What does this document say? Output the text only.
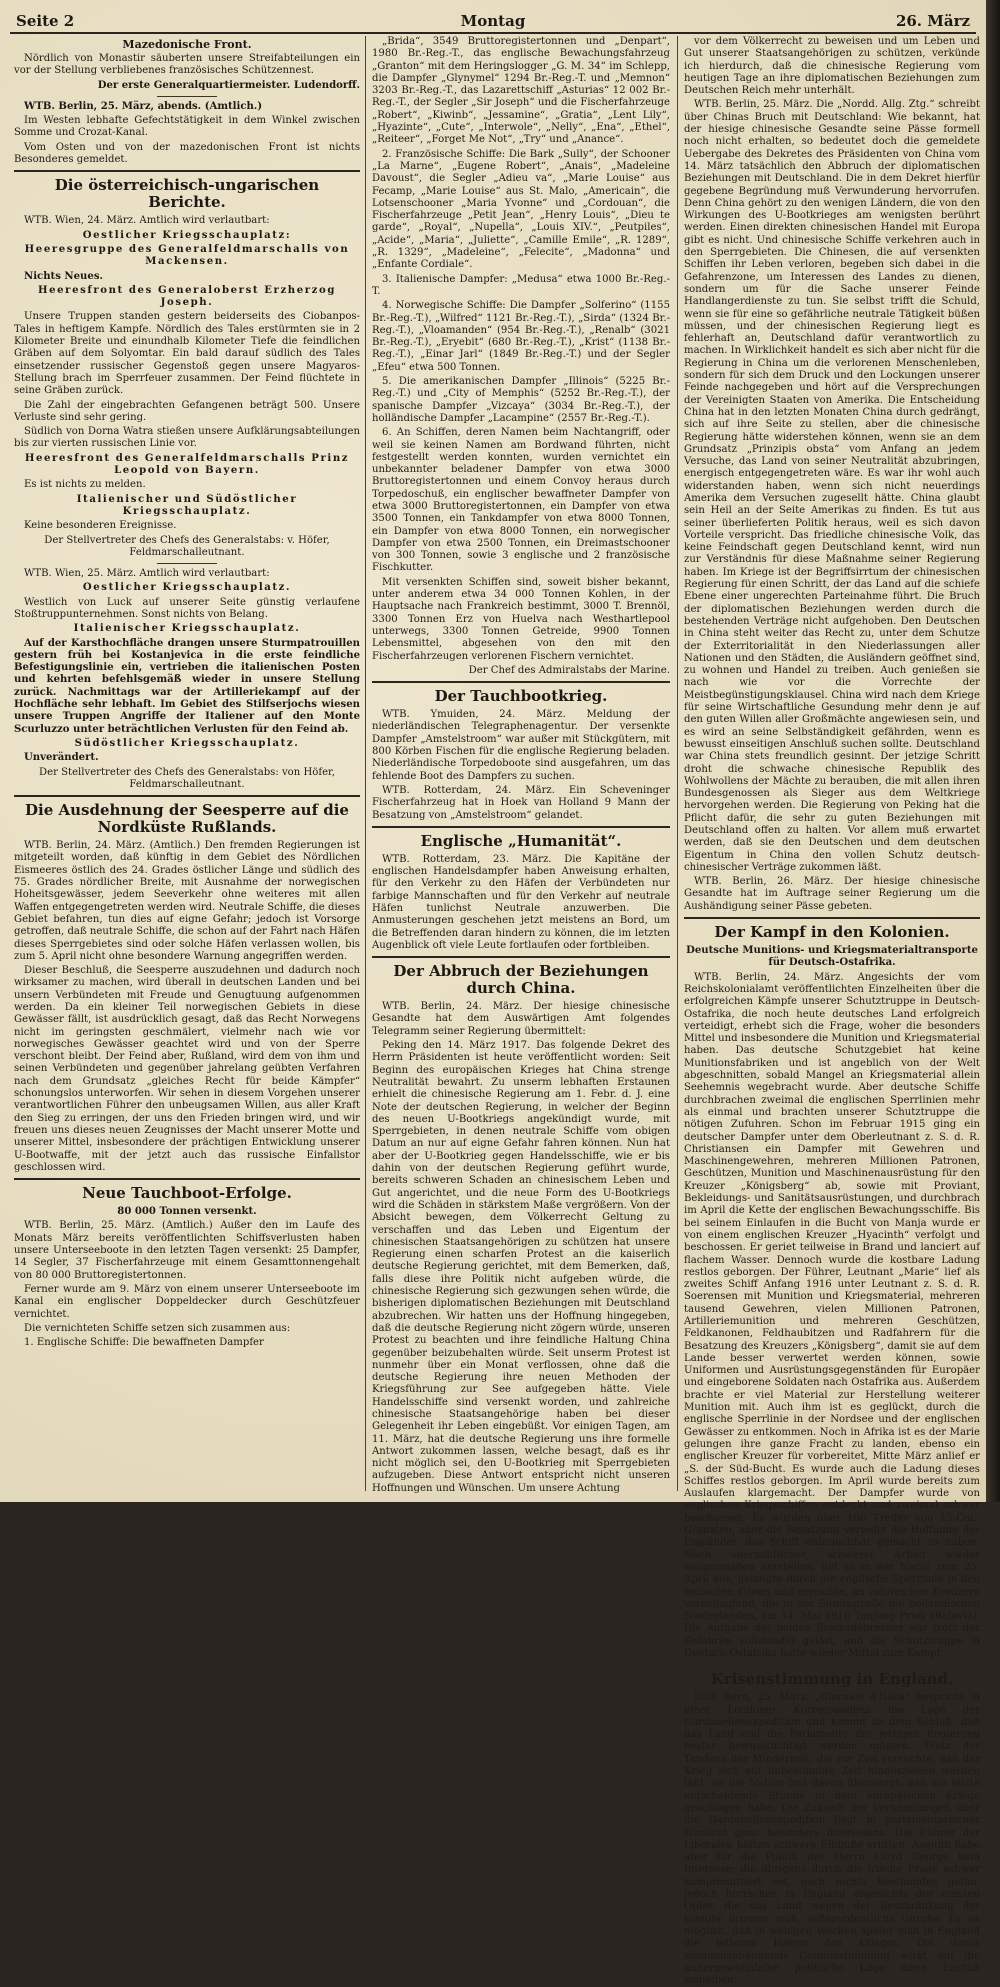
Seite 2	Montag	26. März
Mazedonische Front.

Nördlich von Monastir säuberten unsere Streifabteilungen ein vor der Stellung verbliebenes französisches Schützennest.

Der erste Generalquartiermeister. Ludendorff.

WTB. Berlin, 25. März, abends. (Amtlich.)

Im Westen lebhafte Gefechtstätigkeit in dem Winkel zwischen Somme und Crozat-Kanal.

Vom Osten und von der mazedonischen Front ist nichts Besonderes gemeldet.

Die österreichisch-ungarischen Berichte.

WTB. Wien, 24. März. Amtlich wird verlautbart:

Oestlicher Kriegsschauplatz:

Heeresgruppe des Generalfeldmarschalls von Mackensen.

Nichts Neues.

Heeresfront des Generaloberst Erzherzog Joseph.

Unsere Truppen standen gestern beiderseits des Ciobanpos-Tales in heftigem Kampfe. Nördlich des Tales erstürmten sie in 2 Kilometer Breite und einundhalb Kilometer Tiefe die feindlichen Gräben auf dem Solyomtar. Ein bald darauf südlich des Tales einsetzender russischer Gegenstoß gegen unsere Magyaros-Stellung brach im Sperrfeuer zusammen. Der Feind flüchtete in seine Gräben zurück.

Die Zahl der eingebrachten Gefangenen beträgt 500. Unsere Verluste sind sehr gering.

Südlich von Dorna Watra stießen unsere Aufklärungsabteilungen bis zur vierten russischen Linie vor.

Heeresfront des Generalfeldmarschalls Prinz Leopold von Bayern.

Es ist nichts zu melden.

Italienischer und Südöstlicher Kriegsschauplatz.

Keine besonderen Ereignisse.

Der Stellvertreter des Chefs des Generalstabs: v. Höfer, Feldmarschalleutnant.

WTB. Wien, 25. März. Amtlich wird verlautbart:

Oestlicher Kriegsschauplatz.

Westlich von Luck auf unserer Seite günstig verlaufene Stoßtruppunternehmen. Sonst nichts von Belang.

Italienischer Kriegsschauplatz.

Auf der Karsthochfläche drangen unsere Sturmpatrouillen gestern früh bei Kostanjevica in die erste feindliche Befestigungslinie ein, vertrieben die italienischen Posten und kehrten befehlsgemäß wieder in unsere Stellung zurück. Nachmittags war der Artilleriekampf auf der Hochfläche sehr lebhaft. Im Gebiet des Stilfserjochs wiesen unsere Truppen Angriffe der Italiener auf den Monte Scurluzzo unter beträchtlichen Verlusten für den Feind ab.

Südöstlicher Kriegsschauplatz.

Unverändert.

Der Stellvertreter des Chefs des Generalstabs: von Höfer, Feldmarschalleutnant.

Die Ausdehnung der Seesperre auf die Nordküste Rußlands.

WTB. Berlin, 24. März. (Amtlich.) Den fremden Regierungen ist mitgeteilt worden, daß künftig in dem Gebiet des Nördlichen Eismeeres östlich des 24. Grades östlicher Länge und südlich des 75. Grades nördlicher Breite, mit Ausnahme der norwegischen Hoheitsgewässer, jedem Seeverkehr ohne weiteres mit allen Waffen entgegengetreten werden wird. Neutrale Schiffe, die dieses Gebiet befahren, tun dies auf eigne Gefahr; jedoch ist Vorsorge getroffen, daß neutrale Schiffe, die schon auf der Fahrt nach Häfen dieses Sperrgebietes sind oder solche Häfen verlassen wollen, bis zum 5. April nicht ohne besondere Warnung angegriffen werden.

Dieser Beschluß, die Seesperre auszudehnen und dadurch noch wirksamer zu machen, wird überall in deutschen Landen und bei unsern Verbündeten mit Freude und Genugtuung aufgenommen werden. Da ein kleiner Teil norwegischen Gebiets in diese Gewässer fällt, ist ausdrücklich gesagt, daß das Recht Norwegens nicht im geringsten geschmälert, vielmehr nach wie vor norwegisches Gewässer geachtet wird und von der Sperre verschont bleibt. Der Feind aber, Rußland, wird dem von ihm und seinen Verbündeten und gegenüber jahrelang geübten Verfahren nach dem Grundsatz „gleiches Recht für beide Kämpfer“ schonungslos unterworfen. Wir sehen in diesem Vorgehen unserer verantwortlichen Führer den unbeugsamen Willen, aus aller Kraft den Sieg zu erringen, der uns den Frieden bringen wird, und wir freuen uns dieses neuen Zeugnisses der Macht unserer Motte und unserer Mittel, insbesondere der prächtigen Entwicklung unserer U-Bootwaffe, mit der jetzt auch das russische Einfallstor geschlossen wird.

Neue Tauchboot-Erfolge.

80 000 Tonnen versenkt.

WTB. Berlin, 25. März. (Amtlich.) Außer den im Laufe des Monats März bereits veröffentlichten Schiffsverlusten haben unsere Unterseeboote in den letzten Tagen versenkt: 25 Dampfer, 14 Segler, 37 Fischerfahrzeuge mit einem Gesamttonnengehalt von 80 000 Bruttoregistertonnen.

Ferner wurde am 9. März von einem unserer Unterseeboote im Kanal ein englischer Doppeldecker durch Geschützfeuer vernichtet.

Die vernichteten Schiffe setzen sich zusammen aus:

1. Englische Schiffe: Die bewaffneten Dampfer

„Brida“, 3549 Bruttoregistertonnen und „Denpart“, 1980 Br.-Reg.-T., das englische Bewachungsfahrzeug „Granton“ mit dem Heringslogger „G. M. 34“ im Schlepp, die Dampfer „Glynymel“ 1294 Br.-Reg.-T. und „Memnon“ 3203 Br.-Reg.-T., das Lazarettschiff „Asturias“ 12 002 Br.-Reg.-T., der Segler „Sir Joseph“ und die Fischerfahrzeuge „Robert“, „Kiwinb“, „Jessamine“, „Gratia“, „Lent Lily“, „Hyazinte“, „Cute“, „Interwole“, „Nelly“, „Ena“, „Ethel“, „Reiteer“, „Forget Me Not“, „Try“ und „Anance“.

2. Französische Schiffe: Die Bark „Sully“, der Schooner „La Marne“, „Eugene Robert“, „Anais“, „Madeleine Davoust“, die Segler „Adieu va“, „Marie Louise“ aus Fecamp, „Marie Louise“ aus St. Malo, „Americain“, die Lotsenschooner „Maria Yvonne“ und „Cordouan“, die Fischerfahrzeuge „Petit Jean“, „Henry Louis“, „Dieu te garde“, „Royal“, „Nupella“, „Louis XIV.“, „Peutpiles“, „Acide“, „Maria“, „Juliette“, „Camille Emile“, „R. 1289“, „R. 1329“, „Madeleine“, „Felecite“, „Madonna“ und „Enfante Cordiale“.

3. Italienische Dampfer: „Medusa“ etwa 1000 Br.-Reg.-T.

4. Norwegische Schiffe: Die Dampfer „Solferino“ (1155 Br.-Reg.-T.), „Wilfred“ 1121 Br.-Reg.-T.), „Sirda“ (1324 Br.-Reg.-T.), „Vloamanden“ (954 Br.-Reg.-T.), „Renalb“ (3021 Br.-Reg.-T.), „Eryebit“ (680 Br.-Reg.-T.), „Krist“ (1138 Br.-Reg.-T.), „Einar Jarl“ (1849 Br.-Reg.-T.) und der Segler „Efeu“ etwa 500 Tonnen.

5. Die amerikanischen Dampfer „Illinois“ (5225 Br.-Reg.-T.) und „City of Memphis“ (5252 Br.-Reg.-T.), der spanische Dampfer „Vizcaya“ (3034 Br.-Reg.-T.), der holländische Dampfer „Lacampine“ (2557 Br.-Reg.-T.).

6. An Schiffen, deren Namen beim Nachtangriff, oder weil sie keinen Namen am Bordwand führten, nicht festgestellt werden konnten, wurden vernichtet ein unbekannter beladener Dampfer von etwa 3000 Bruttoregistertonnen und einem Convoy heraus durch Torpedoschuß, ein englischer bewaffneter Dampfer von etwa 3000 Bruttoregistertonnen, ein Dampfer von etwa 3500 Tonnen, ein Tankdampfer von etwa 8000 Tonnen, ein Dampfer von etwa 8000 Tonnen, ein norwegischer Dampfer von etwa 2500 Tonnen, ein Dreimastschooner von 300 Tonnen, sowie 3 englische und 2 französische Fischkutter.

Mit versenkten Schiffen sind, soweit bisher bekannt, unter anderem etwa 34 000 Tonnen Kohlen, in der Hauptsache nach Frankreich bestimmt, 3000 T. Brennöl, 3300 Tonnen Erz von Huelva nach Westhartlepool unterwegs, 3300 Tonnen Getreide, 9900 Tonnen Lebensmittel, abgesehen von den mit den Fischerfahrzeugen verlorenen Fischern vernichtet.

Der Chef des Admiralstabs der Marine.

Der Tauchbootkrieg.

WTB. Ymuiden, 24. März. Meldung der niederländischen Telegraphenagentur. Der versenkte Dampfer „Amstelstroom“ war außer mit Stückgütern, mit 800 Körben Fischen für die englische Regierung beladen. Niederländische Torpedoboote sind ausgefahren, um das fehlende Boot des Dampfers zu suchen.

WTB. Rotterdam, 24. März. Ein Scheveninger Fischerfahrzeug hat in Hoek van Holland 9 Mann der Besatzung von „Amstelstroom“ gelandet.

Englische „Humanität“.

WTB. Rotterdam, 23. März. Die Kapitäne der englischen Handelsdampfer haben Anweisung erhalten, für den Verkehr zu den Häfen der Verbündeten nur farbige Mannschaften und für den Verkehr auf neutrale Häfen tunlichst Neutrale anzuwerben. Die Anmusterungen geschehen jetzt meistens an Bord, um die Betreffenden daran hindern zu können, die im letzten Augenblick oft viele Leute fortlaufen oder fortbleiben.

Der Abbruch der Beziehungen durch China.

WTB. Berlin, 24. März. Der hiesige chinesische Gesandte hat dem Auswärtigen Amt folgendes Telegramm seiner Regierung übermittelt:

Peking den 14. März 1917. Das folgende Dekret des Herrn Präsidenten ist heute veröffentlicht worden: Seit Beginn des europäischen Krieges hat China strenge Neutralität bewahrt. Zu unserm lebhaften Erstaunen erhielt die chinesische Regierung am 1. Febr. d. J. eine Note der deutschen Regierung, in welcher der Beginn des neuen U-Bootkriegs angekündigt wurde, mit Sperrgebieten, in denen neutrale Schiffe vom obigen Datum an nur auf eigne Gefahr fahren können. Nun hat aber der U-Bootkrieg gegen Handelsschiffe, wie er bis dahin von der deutschen Regierung geführt wurde, bereits schweren Schaden an chinesischem Leben und Gut angerichtet, und die neue Form des U-Bootkriegs wird die Schäden in stärkstem Maße vergrößern. Von der Absicht bewegen, dem Völkerrecht Geltung zu verschaffen und das Leben und Eigentum der chinesischen Staatsangehörigen zu schützen hat unsere Regierung einen scharfen Protest an die kaiserlich deutsche Regierung gerichtet, mit dem Bemerken, daß, falls diese ihre Politik nicht aufgeben würde, die chinesische Regierung sich gezwungen sehen würde, die bisherigen diplomatischen Beziehungen mit Deutschland abzubrechen. Wir hatten uns der Hoffnung hingegeben, daß die deutsche Regierung nicht zögern würde, unseren Protest zu beachten und ihre feindliche Haltung China gegenüber beizubehalten würde. Seit unserm Protest ist nunmehr über ein Monat verflossen, ohne daß die deutsche Regierung ihre neuen Methoden der Kriegsführung zur See aufgegeben hätte. Viele Handelsschiffe sind versenkt worden, und zahlreiche chinesische Staatsangehörige haben bei dieser Gelegenheit ihr Leben eingebüßt. Vor einigen Tagen, am 11. März, hat die deutsche Regierung uns ihre formelle Antwort zukommen lassen, welche besagt, daß es ihr nicht möglich sei, den U-Bootkrieg mit Sperrgebieten aufzugeben. Diese Antwort entspricht nicht unseren Hoffnungen und Wünschen. Um unsere Achtung

vor dem Völkerrecht zu beweisen und um Leben und Gut unserer Staatsangehörigen zu schützen, verkünde ich hierdurch, daß die chinesische Regierung vom heutigen Tage an ihre diplomatischen Beziehungen zum Deutschen Reich mehr unterhält.

WTB. Berlin, 25. März. Die „Nordd. Allg. Ztg.“ schreibt über Chinas Bruch mit Deutschland: Wie bekannt, hat der hiesige chinesische Gesandte seine Pässe formell noch nicht erhalten, so bedeutet doch die gemeldete Uebergabe des Dekretes des Präsidenten von China vom 14. März tatsächlich den Abbruch der diplomatischen Beziehungen mit Deutschland. Die in dem Dekret hierfür gegebene Begründung muß Verwunderung hervorrufen. Denn China gehört zu den wenigen Ländern, die von den Wirkungen des U-Bootkrieges am wenigsten berührt werden. Einen direkten chinesischen Handel mit Europa gibt es nicht. Und chinesische Schiffe verkehren auch in den Sperrgebieten. Die Chinesen, die auf versenkten Schiffen ihr Leben verloren, begeben sich dabei in die Gefahrenzone, um Interessen des Landes zu dienen, sondern um für die Sache unserer Feinde Handlangerdienste zu tun. Sie selbst trifft die Schuld, wenn sie für eine so gefährliche neutrale Tätigkeit büßen müssen, und der chinesischen Regierung liegt es fehlerhaft an, Deutschland dafür verantwortlich zu machen. In Wirklichkeit handelt es sich aber nicht für die Regierung in China um die verlorenen Menschenleben, sondern für sich dem Druck und den Lockungen unserer Feinde nachgegeben und hört auf die Versprechungen der Vereinigten Staaten von Amerika. Die Entscheidung China hat in den letzten Monaten China durch gedrängt, sich auf ihre Seite zu stellen, aber die chinesische Regierung hätte widerstehen können, wenn sie an dem Grundsatz „Prinzipis obsta“ vom Anfang an jedem Versuche, das Land von seiner Neutralität abzubringen, energisch entgegengetreten wäre. Es war ihr wohl auch widerstanden haben, wenn sich nicht neuerdings Amerika dem Versuchen zugesellt hätte. China glaubt sein Heil an der Seite Amerikas zu finden. Es tut aus seiner überlieferten Politik heraus, weil es sich davon Vorteile verspricht. Das friedliche chinesische Volk, das keine Feindschaft gegen Deutschland kennt, wird nun zur Verständnis für diese Maßnahme seiner Regierung haben. Im Kriege ist der Begriffsirrtum der chinesischen Regierung für einen Schritt, der das Land auf die schiefe Ebene einer ungerechten Parteinahme führt. Die Bruch der diplomatischen Beziehungen werden durch die bestehenden Verträge nicht aufgehoben. Den Deutschen in China steht weiter das Recht zu, unter dem Schutze der Exterritorialität in den Niederlassungen aller Nationen und den Städten, die Ausländern geöffnet sind, zu wohnen und Handel zu treiben. Auch genießen sie nach wie vor die Vorrechte der Meistbegünstigungsklausel. China wird nach dem Kriege für seine Wirtschaftliche Gesundung mehr denn je auf den guten Willen aller Großmächte angewiesen sein, und es wird an seine Selbständigkeit gefährden, wenn es bewusst einseitigen Anschluß suchen sollte. Deutschland war China stets freundlich gesinnt. Der jetzige Schritt droht die schwache chinesische Republik des Wohlwollens der Mächte zu berauben, die mit allen ihren Bundesgenossen als Sieger aus dem Weltkriege hervorgehen werden. Die Regierung von Peking hat die Pflicht dafür, die sehr zu guten Beziehungen mit Deutschland offen zu halten. Vor allem muß erwartet werden, daß sie den Deutschen und dem deutschen Eigentum in China den vollen Schutz deutsch-chinesischer Verträge zukommen läßt.

WTB. Berlin, 26. März. Der hiesige chinesische Gesandte hat im Auftrage seiner Regierung um die Aushändigung seiner Pässe gebeten.

Der Kampf in den Kolonien.

Deutsche Munitions- und Kriegsmaterialtransporte für Deutsch-Ostafrika.

WTB. Berlin, 24. März. Angesichts der vom Reichskolonialamt veröffentlichten Einzelheiten über die erfolgreichen Kämpfe unserer Schutztruppe in Deutsch-Ostafrika, die noch heute deutsches Land erfolgreich verteidigt, erhebt sich die Frage, woher die besonders Mittel und insbesondere die Munition und Kriegsmaterial haben. Das deutsche Schutzgebiet hat keine Munitionsfabriken und ist angeblich von der Welt abgeschnitten, sobald Mangel an Kriegsmaterial allein Seehemnis wegebracht wurde. Aber deutsche Schiffe durchbrachen zweimal die englischen Sperrlinien mehr als einmal und brachten unserer Schutztruppe die nötigen Zufuhren. Schon im Februar 1915 ging ein deutscher Dampfer unter dem Oberleutnant z. S. d. R. Christiansen ein Dampfer mit Gewehren und Maschinengewehren, mehreren Millionen Patronen, Geschützen, Munition und Maschinenausrüstung für den Kreuzer „Königsberg“ ab, sowie mit Proviant, Bekleidungs- und Sanitätsausrüstungen, und durchbrach im April die Kette der englischen Bewachungsschiffe. Bis bei seinem Einlaufen in die Bucht von Manja wurde er von einem englischen Kreuzer „Hyacinth“ verfolgt und beschossen. Er geriet teilweise in Brand und lanciert auf flachem Wasser. Dennoch wurde die kostbare Ladung restlos geborgen. Der Führer, Leutnant „Marie“ lief als zweites Schiff Anfang 1916 unter Leutnant z. S. d. R. Soerensen mit Munition und Kriegsmaterial, mehreren tausend Gewehren, vielen Millionen Patronen, Artilleriemunition und mehreren Geschützen, Feldkanonen, Feldhaubitzen und Radfahrern für die Besatzung des Kreuzers „Königsberg“, damit sie auf dem Lande besser verwertet werden können, sowie Uniformen und Ausrüstungsgegenständen für Europäer und eingeborene Soldaten nach Ostafrika aus. Außerdem brachte er viel Material zur Herstellung weiterer Munition mit. Auch ihm ist es geglückt, durch die englische Sperrlinie in der Nordsee und der englischen Gewässer zu entkommen. Noch in Afrika ist es der Marie gelungen ihre ganze Fracht zu landen, ebenso ein englischer Kreuzer für vorbereitet, Mitte März anlief er „S. der Süd-Bucht. Es wurde auch die Ladung dieses Schiffes restlos geborgen. Im April wurde bereits zum Auslaufen klargemacht. Der Dampfer wurde von englischen Kriegsschiffen entdeckt und zweimal schwer beschossen. Es wurden über 100 Treffer von 15-Cm.-Granaten, aber die Besatzung verteilte die Hoffnung der Engländer, das Schiff unbrauchbar gemacht zu haben. Nach unermüdlicher, schwerer Arbeit wieder einigermaßen herstellen, lief es in der Nacht zum 25. April aus, gelangte durch die englische Sperrlinie in den Indischen Ozean und erreichte, an zahlreichen Kreuzern vorbeilaufend, die in der Sundastraße die holländischen Niederlanden, am 14. Mai 1916 Tanjong Priok (Batavia). Die Aufgabe der beiden Blockadebrecher war trotz der Gefahren vollständig gelöst, und die Schutztruppe in Deutsch-Ostafrika hatte wieder Mittel zum Kampf.

Krisenstimmung in England.

DDP. Bern, 25. März. „Giornale d'Italia“ bespricht in einer Londoner Korrespondenz die Lage der Dardanellenexpedition und kommt zu dem Schluß, daß das Land und die Parlamente der jetzigen Regierung bester bewusstlichtigt werden müssen. Trotz der Tendenz der Minderheit, die zur Zeit versuchte, daß der Krieg sich auf unbestimmte Zeit hinausziehen werden läßt, ist die Nation fest davon überzeugt, daß die letzte entscheidende Stunde in dem europäischen Kriege geschlagen habe. Die Zukunft der Verhandlungen über die Dardanellenexpedition liegt in parlamentarischer Hinsicht ganz besonders interessant. Die Führer der Liberalen hätten schwere Einbuße erlitten. Asquith habe aber für die Politik des Herrn Lloyd George kein Interesse; die übrigens durch die irische Frage schwer kompromittiert sei, noch nichts Bestimmtes getan, jedoch herrschen in England angesichts der ernsten Opfer, die das Land wegen der Beschränkung der Einfuhr bringen muß, außerordentliche Unruhe. Es ist möglich, daß in wenigen Wochen später man in England die bitteren Folgen des Krieges. Die damit zusammenhängende Gemütsstimmung wirkt auf die außergewöhnliche politische Lage ihren Einfluß zugleiben.
